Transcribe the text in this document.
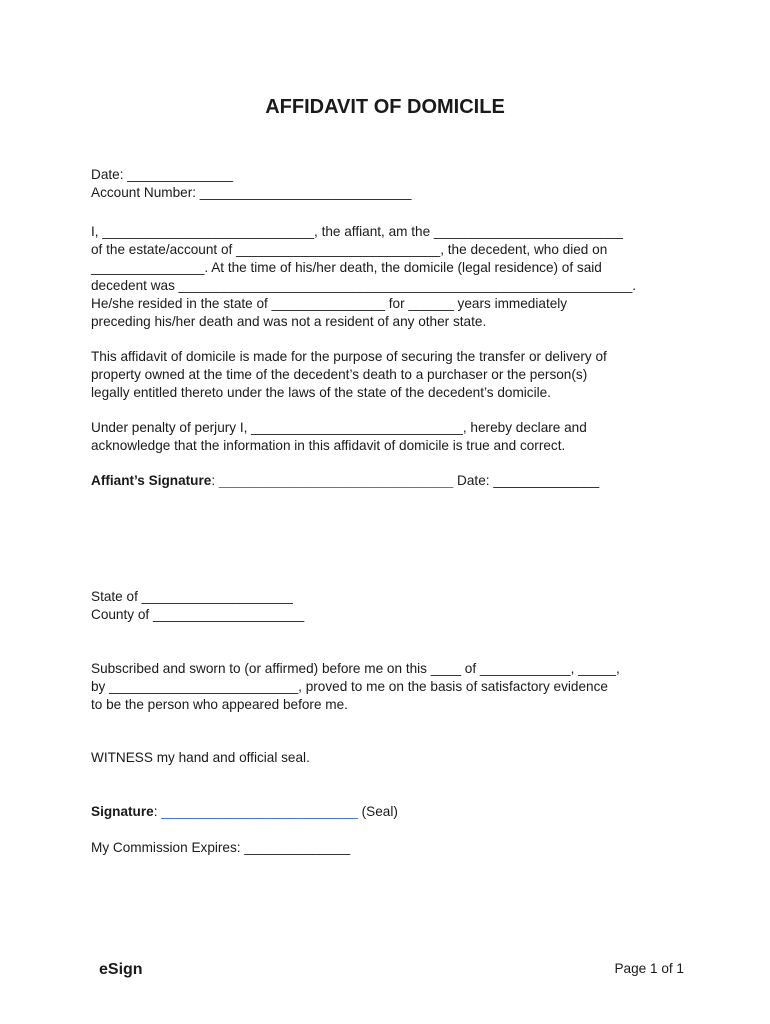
AFFIDAVIT OF DOMICILE
Date: ______________
Account Number: ____________________________
I, ____________________________, the affiant, am the _________________________
of the estate/account of ___________________________, the decedent, who died on
_______________. At the time of his/her death, the domicile (legal residence) of said
decedent was ____________________________________________________________.
He/she resided in the state of _______________ for ______ years immediately
preceding his/her death and was not a resident of any other state.
This affidavit of domicile is made for the purpose of securing the transfer or delivery of
property owned at the time of the decedent’s death to a purchaser or the person(s)
legally entitled thereto under the laws of the state of the decedent’s domicile.
Under penalty of perjury I, ____________________________, hereby declare and
acknowledge that the information in this affidavit of domicile is true and correct.
Affiant’s Signature: _______________________________ Date: ______________
State of ____________________
County of ____________________
Subscribed and sworn to (or affirmed) before me on this ____ of ____________, _____,
by _________________________, proved to me on the basis of satisfactory evidence
to be the person who appeared before me.
WITNESS my hand and official seal.
Signature: __________________________ (Seal)
My Commission Expires: ______________
eSign	Page 1 of 1
